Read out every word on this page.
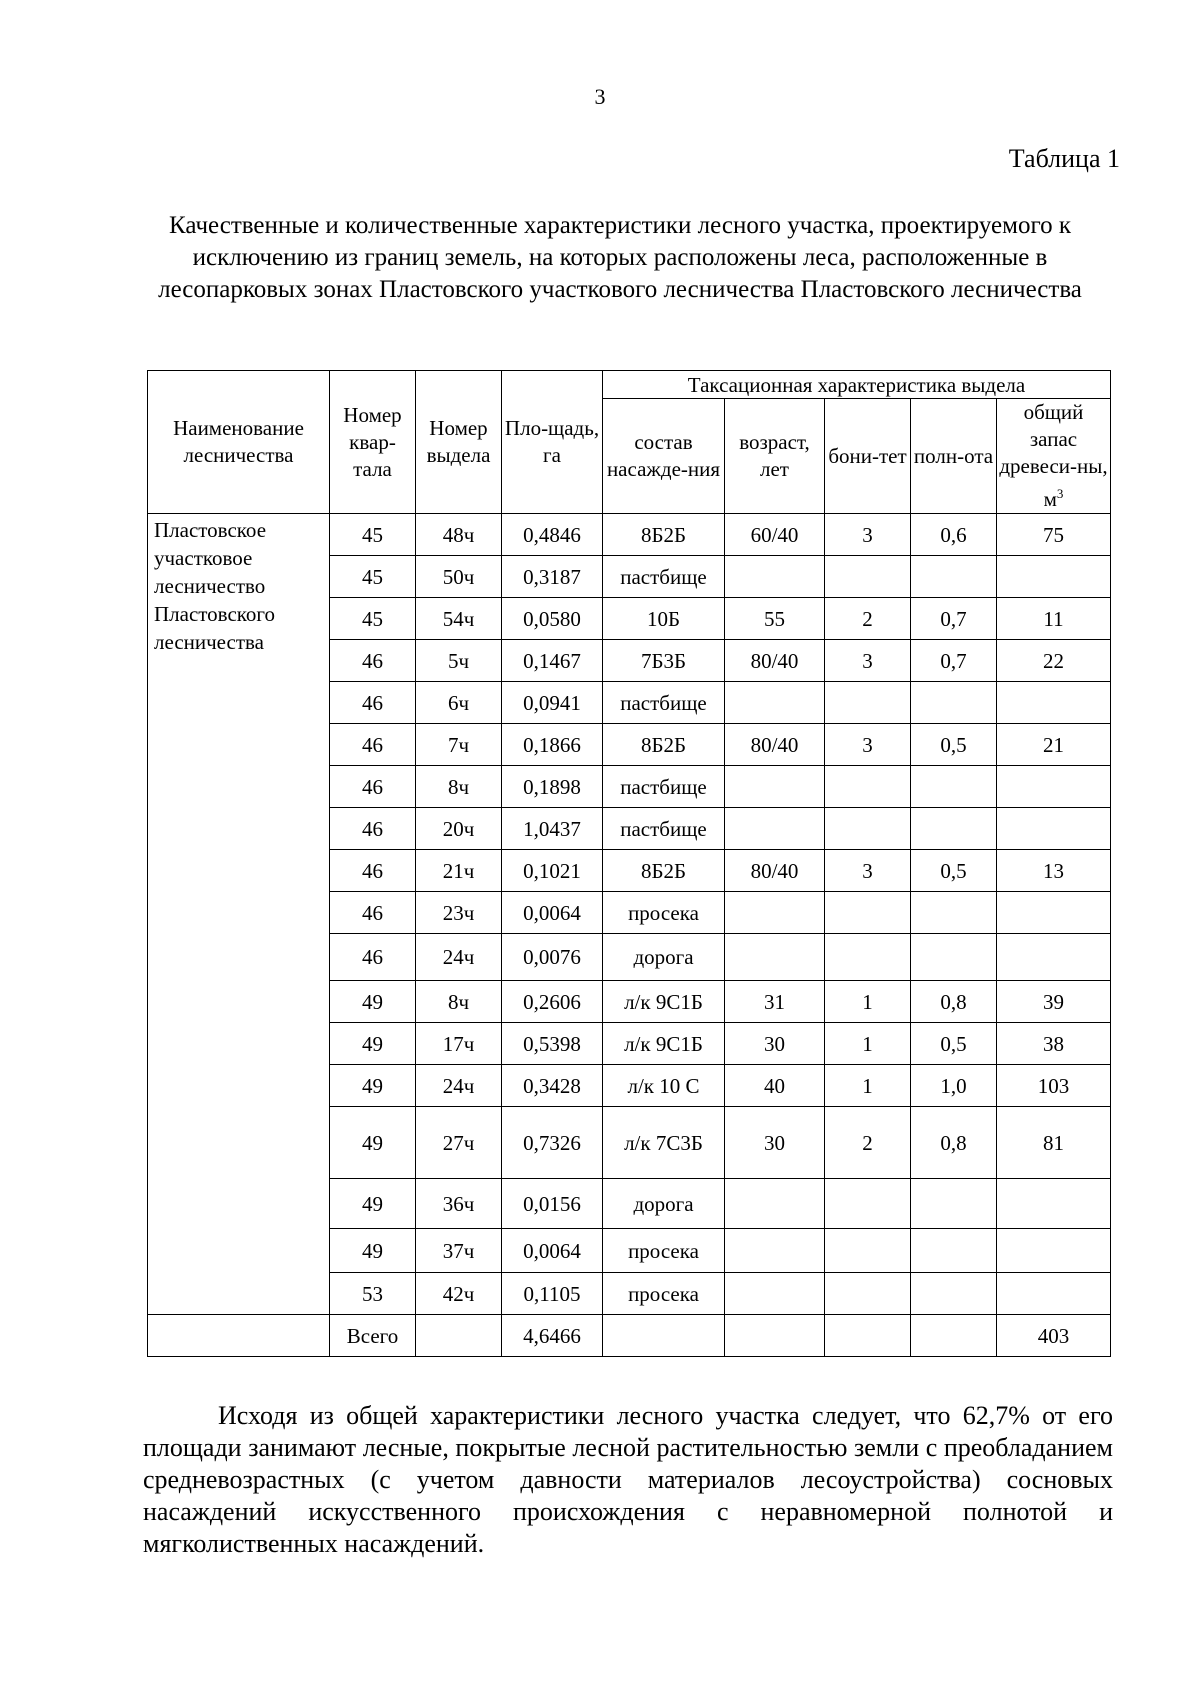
3
Таблица 1
Качественные и количественные характеристики лесного участка, проектируемого к исключению из границ земель, на которых расположены леса, расположенные в лесопарковых зонах Пластовского участкового лесничества Пластовского лесничества
Наименование лесничества	Номер квар-тала	Номер выдела	Пло-щадь, га	Таксационная характеристика выдела				
				состав насажде-ния	возраст, лет	бони-тет	полн-ота	общий запас древеси-ны, $м^3$
Пластовское участковое лесничество Пластовского лесничества	45	48ч	0,4846	8Б2Б	60/40	3	0,6	75
	45	50ч	0,3187	пастбище				
	45	54ч	0,0580	10Б	55	2	0,7	11
	46	5ч	0,1467	7Б3Б	80/40	3	0,7	22
	46	6ч	0,0941	пастбище				
	46	7ч	0,1866	8Б2Б	80/40	3	0,5	21
	46	8ч	0,1898	пастбище				
	46	20ч	1,0437	пастбище				
	46	21ч	0,1021	8Б2Б	80/40	3	0,5	13
	46	23ч	0,0064	просека				
	46	24ч	0,0076	дорога				
	49	8ч	0,2606	л/к 9С1Б	31	1	0,8	39
	49	17ч	0,5398	л/к 9С1Б	30	1	0,5	38
	49	24ч	0,3428	л/к 10 С	40	1	1,0	103
	49	27ч	0,7326	л/к 7С3Б	30	2	0,8	81
	49	36ч	0,0156	дорога				
	49	37ч	0,0064	просека				
	53	42ч	0,1105	просека				
	Всего		4,6466					403
Исходя из общей характеристики лесного участка следует, что 62,7% от его площади занимают лесные, покрытые лесной растительностью земли с преобладанием средневозрастных (с учетом давности материалов лесоустройства) сосновых насаждений искусственного происхождения с неравномерной полнотой и мягколиственных насаждений.
